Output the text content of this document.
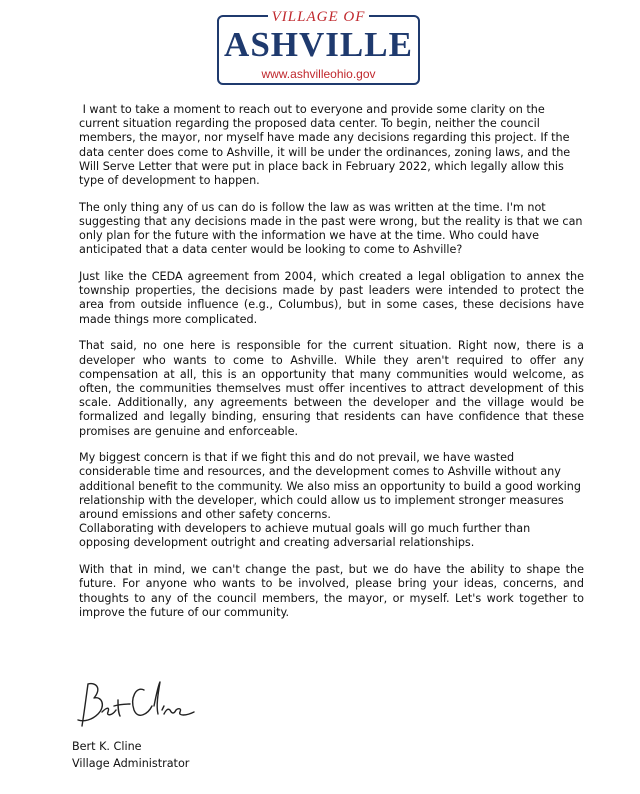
VILLAGE OF
ASHVILLE
www.ashvilleohio.gov

I want to take a moment to reach out to everyone and provide some clarity on the current situation regarding the proposed data center. To begin, neither the council members, the mayor, nor myself have made any decisions regarding this project. If the data center does come to Ashville, it will be under the ordinances, zoning laws, and the Will Serve Letter that were put in place back in February 2022, which legally allow this type of development to happen.

The only thing any of us can do is follow the law as was written at the time. I'm not suggesting that any decisions made in the past were wrong, but the reality is that we can only plan for the future with the information we have at the time. Who could have anticipated that a data center would be looking to come to Ashville?

Just like the CEDA agreement from 2004, which created a legal obligation to annex the township properties, the decisions made by past leaders were intended to protect the area from outside influence (e.g., Columbus), but in some cases, these decisions have made things more complicated.

That said, no one here is responsible for the current situation. Right now, there is a developer who wants to come to Ashville. While they aren't required to offer any compensation at all, this is an opportunity that many communities would welcome, as often, the communities themselves must offer incentives to attract development of this scale. Additionally, any agreements between the developer and the village would be formalized and legally binding, ensuring that residents can have confidence that these promises are genuine and enforceable.

My biggest concern is that if we fight this and do not prevail, we have wasted considerable time and resources, and the development comes to Ashville without any additional benefit to the community. We also miss an opportunity to build a good working relationship with the developer, which could allow us to implement stronger measures around emissions and other safety concerns.

Collaborating with developers to achieve mutual goals will go much further than opposing development outright and creating adversarial relationships.

With that in mind, we can't change the past, but we do have the ability to shape the future. For anyone who wants to be involved, please bring your ideas, concerns, and thoughts to any of the council members, the mayor, or myself. Let's work together to improve the future of our community.

Bert K. Cline
Village Administrator
